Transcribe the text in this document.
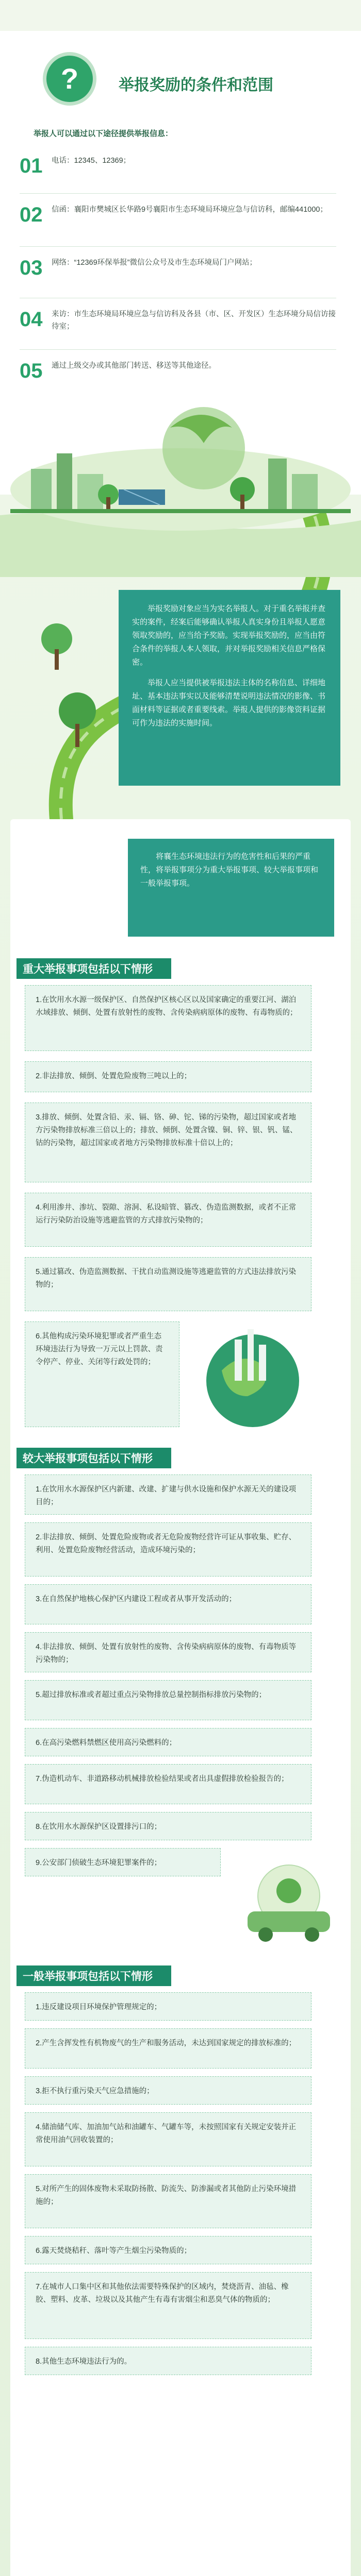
?	举报奖励的条件和范围
举报人可以通过以下途径提供举报信息：
01	电话：12345、12369；
02	信函：襄阳市樊城区长华路9号襄阳市生态环境局环境应急与信访科，邮编441000；
03	网络：“12369环保举报”微信公众号及市生态环境局门户网站；
04	来访：市生态环境局环境应急与信访科及各县（市、区、开发区）生态环境分局信访接待室；
05	通过上级交办或其他部门转送、移送等其他途径。

举报奖励对象应当为实名举报人。对于重名举报并查实的案件，经案后能够确认举报人真实身份且举报人愿意领取奖励的，应当给予奖励。实现举报奖励的，应当由符合条件的举报人本人领取，并对举报奖励相关信息严格保密。

举报人应当提供被举报违法主体的名称信息、详细地址、基本违法事实以及能够清楚说明违法情况的影像、书面材料等证据或者重要线索。举报人提供的影像资料证据可作为违法的实施时间。

将襄生态环境违法行为的危害性和后果的严重性，将举报事项分为重大举报事项、较大举报事项和一般举报事项。

重大举报事项包括以下情形
1.在饮用水水源一级保护区、自然保护区核心区以及国家确定的重要江河、湖泊水域排放、倾倒、处置有放射性的废物、含传染病病原体的废物、有毒物质的；
2.非法排放、倾倒、处置危险废物三吨以上的；
3.排放、倾倒、处置含铅、汞、镉、铬、砷、铊、锑的污染物，超过国家或者地方污染物排放标准三倍以上的；排放、倾倒、处置含镍、铜、锌、银、钒、锰、钴的污染物，超过国家或者地方污染物排放标准十倍以上的；
4.利用渗井、渗坑、裂隙、溶洞、私设暗管、篡改、伪造监测数据，或者不正常运行污染防治设施等逃避监管的方式排放污染物的；
5.通过篡改、伪造监测数据、干扰自动监测设施等逃避监管的方式违法排放污染物的；
6.其他构成污染环境犯罪或者严重生态环境违法行为导致一万元以上罚款、责令停产、停业、关闭等行政处罚的；
较大举报事项包括以下情形
1.在饮用水水源保护区内新建、改建、扩建与供水设施和保护水源无关的建设项目的；
2.非法排放、倾倒、处置危险废物或者无危险废物经营许可证从事收集、贮存、利用、处置危险废物经营活动，造成环境污染的；
3.在自然保护地核心保护区内建设工程或者从事开发活动的；
4.非法排放、倾倒、处置有放射性的废物、含传染病病原体的废物、有毒物质等污染物的；
5.超过排放标准或者超过重点污染物排放总量控制指标排放污染物的；
6.在高污染燃料禁燃区使用高污染燃料的；
7.伪造机动车、非道路移动机械排放检验结果或者出具虚假排放检验报告的；
8.在饮用水水源保护区设置排污口的；
9.公安部门侦破生态环境犯罪案件的；
一般举报事项包括以下情形
1.违反建设项目环境保护管理规定的；
2.产生含挥发性有机物废气的生产和服务活动，未达到国家规定的排放标准的；
3.拒不执行重污染天气应急措施的；
4.储油储气库、加油加气站和油罐车、气罐车等，未按照国家有关规定安装并正常使用油气回收装置的；
5.对所产生的固体废物未采取防扬散、防流失、防渗漏或者其他防止污染环境措施的；
6.露天焚烧秸秆、落叶等产生烟尘污染物质的；
7.在城市人口集中区和其他依法需要特殊保护的区域内，焚烧沥青、油毡、橡胶、塑料、皮革、垃圾以及其他产生有毒有害烟尘和恶臭气体的物质的；
8.其他生态环境违法行为的。
